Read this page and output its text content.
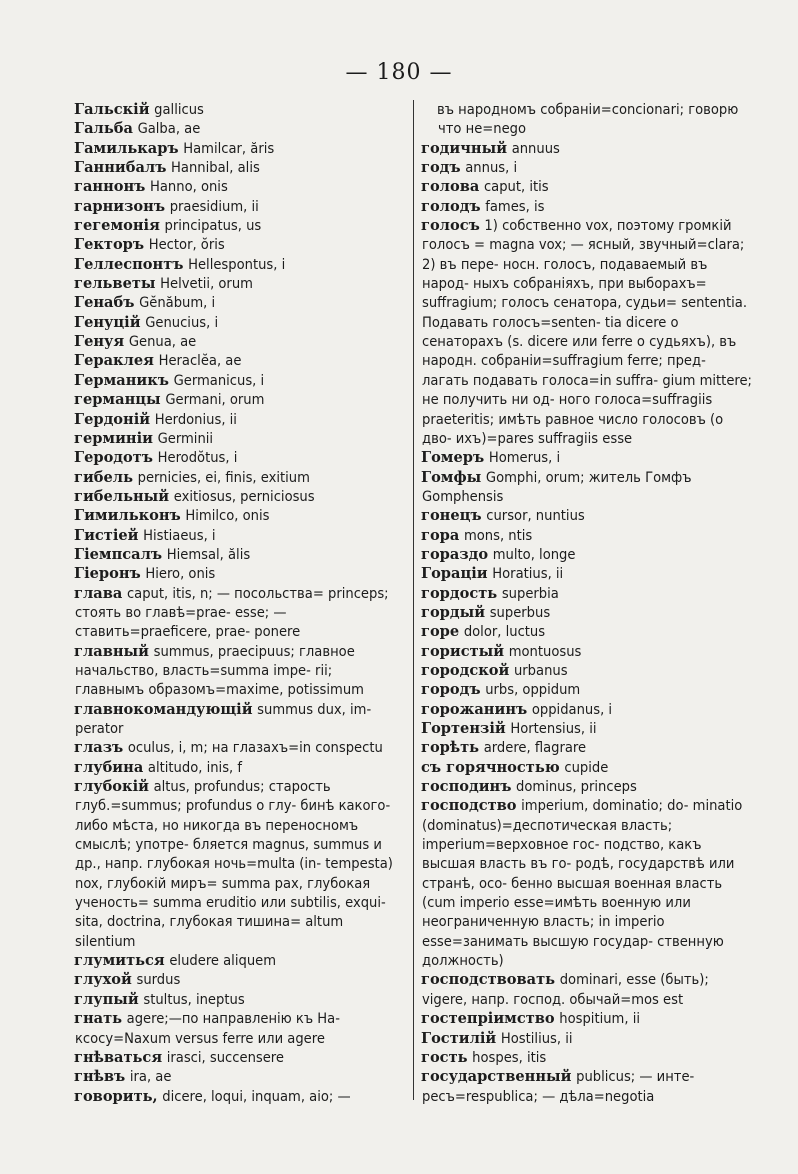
— 180 —
Гальскій gallicus
Гальба Galba, ae
Гамилькаръ Hamilcar, ăris
Ганнибалъ Hannibal, alis
ганнонъ Hanno, onis
гарнизонъ praesidium, ii
гегемонія principatus, us
Гекторъ Hector, ŏris
Геллеспонтъ Hellespontus, i
гельветы Helvetii, orum
Генабъ Gĕnăbum, i
Генуцій Genucius, i
Генуя Genua, ae
Гераклея Heraclĕa, ae
Германикъ Germanicus, i
германцы Germani, orum
Гердоній Herdonius, ii
герминіи Germinii
Геродотъ Herodŏtus, i
гибель pernicies, ei, finis, exitium
гибельный exitiosus, perniciosus
Гимильконъ Himilco, onis
Гистіей Histiaeus, i
Гіемпсалъ Hiemsal, ălis
Гіеронъ Hiero, onis
глава caput, itis, n; — посольства= princeps; стоять во главѣ=prae- esse; — ставить=praeficere, prae- ponere
главный summus, praecipuus; главное начальство, власть=summa impe- rii; главнымъ образомъ=maxime, potissimum
главнокомандующій summus dux, im- perator
глазъ oculus, i, m; на глазахъ=in conspectu
глубина altitudo, inis, f
глубокій altus, profundus; старость глуб.=summus; profundus о глу- бинѣ какого-либо мѣста, но никогда въ переносномъ смыслѣ; употре- бляется magnus, summus и др., напр. глубокая ночь=multa (in- tempesta) nox, глубокій миръ= summa pax, глубокая ученость= summa eruditio или subtilis, exqui- sita, doctrina, глубокая тишина= altum silentium
глумиться eludere aliquem
глухой surdus
глупый stultus, ineptus
гнать agere;—по направленію къ На- ксосу=Naxum versus ferre или agere
гнѣваться irasci, succensere
гнѣвъ ira, ae
говорить, dicere, loqui, inquam, aio; —
въ народномъ собраніи=concionari; говорю что не=nego
годичный annuus
годъ annus, i
голова caput, itis
голодъ fames, is
голосъ 1) собственно vox, поэтому громкій голосъ = magna vox; — ясный, звучный=clara; 2) въ пере- носн. голосъ, подаваемый въ народ- ныхъ собраніяхъ, при выборахъ= suffragium; голосъ сенатора, судьи= sententia. Подавать голосъ=senten- tia dicere о сенаторахъ (s. dicere или ferre о судьяхъ), въ народн. собраніи=suffragium ferre; пред- лагать подавать голоса=in suffra- gium mittere; не получить ни од- ного голоса=suffragiis praeteritis; имѣть равное число голосовъ (о дво- ихъ)=pares suffragiis esse
Гомеръ Homerus, i
Гомфы Gomphi, orum; житель Гомфъ Gomphensis
гонецъ cursor, nuntius
гора mons, ntis
гораздо multo, longe
Гораціи Horatius, ii
гордость superbia
гордый superbus
горе dolor, luctus
гористый montuosus
городской urbanus
городъ urbs, oppidum
горожанинъ oppidanus, i
Гортензій Hortensius, ii
горѣть ardere, flagrare
съ горячностью cupide
господинъ dominus, princeps
господство imperium, dominatio; do- minatio (dominatus)=деспотическая власть; imperium=верховное гос- подство, какъ высшая власть въ го- родѣ, государствѣ или странѣ, осо- бенно высшая военная власть (cum imperio esse=имѣть военную или неограниченную власть; in imperio esse=занимать высшую государ- ственную должность)
господствовать dominari, esse (быть); vigere, напр. господ. обычай=mos est
гостепріимство hospitium, ii
Гостилій Hostilius, ii
гость hospes, itis
государственный publicus; — инте- ресъ=respublica; — дѣла=negotia
